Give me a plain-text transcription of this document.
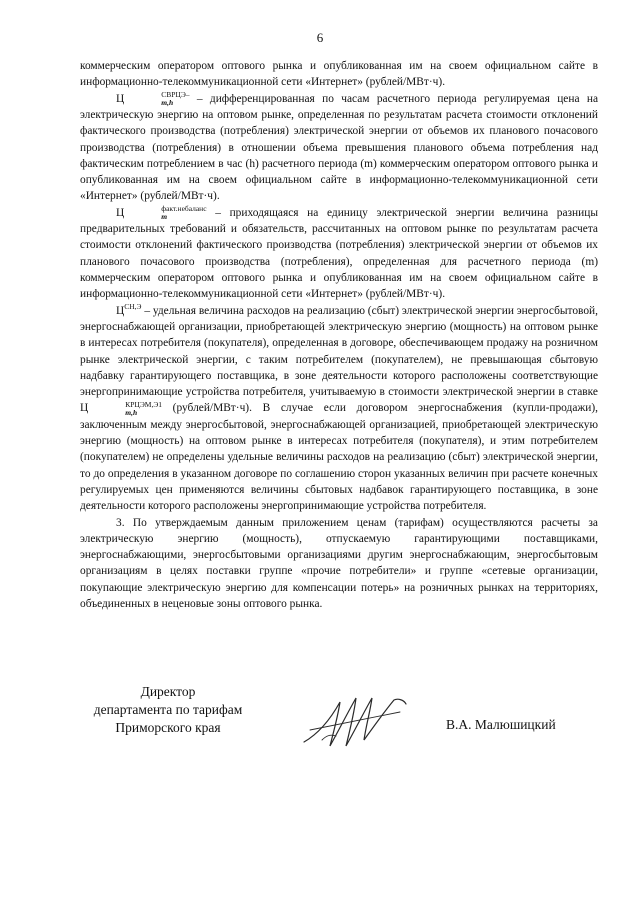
6

коммерческим оператором оптового рынка и опубликованная им на своем официальном сайте в информационно-телекоммуникационной сети «Интернет» (рублей/МВт·ч).

Ц	СВРЦЭ–
m,h	– дифференцированная по часам расчетного периода регулируемая цена на электрическую энергию на оптовом рынке, определенная по результатам расчета стоимости отклонений фактического производства (потребления) электрической энергии от объемов их планового почасового производства (потребления) в отношении объема превышения планового объема потребления над фактическим потреблением в час (h) расчетного периода (m) коммерческим оператором оптового рынка и опубликованная им на своем официальном сайте в информационно-телекоммуникационной сети «Интернет» (рублей/МВт·ч).

Ц	факт.небаланс
m	– приходящаяся на единицу электрической энергии величина разницы предварительных требований и обязательств, рассчитанных на оптовом рынке по результатам расчета стоимости отклонений фактического производства (потребления) электрической энергии от объемов их планового почасового производства (потребления), определенная для расчетного периода (m) коммерческим оператором оптового рынка и опубликованная им на своем официальном сайте в информационно-телекоммуникационной сети «Интернет» (рублей/МВт·ч).

$Ц^{СН,Э}$ – удельная величина расходов на реализацию (сбыт) электрической энергии энергосбытовой, энергоснабжающей организации, приобретающей электрическую энергию (мощность) на оптовом рынке в интересах потребителя (покупателя), определенная в договоре, обеспечивающем продажу на розничном рынке электрической энергии, с таким потребителем (покупателем), не превышающая сбытовую надбавку гарантирующего поставщика, в зоне деятельности которого расположены соответствующие энергопринимающие устройства потребителя, учитываемую в стоимости электрической энергии в ставке Ц	КРЦЭМ,Э1
m,h	(рублей/МВт·ч). В случае если договором энергоснабжения (купли-продажи), заключенным между энергосбытовой, энергоснабжающей организацией, приобретающей электрическую энергию (мощность) на оптовом рынке в интересах потребителя (покупателя), и этим потребителем (покупателем) не определены удельные величины расходов на реализацию (сбыт) электрической энергии, то до определения в указанном договоре по соглашению сторон указанных величин при расчете конечных регулируемых цен применяются величины сбытовых надбавок гарантирующего поставщика, в зоне деятельности которого расположены энергопринимающие устройства потребителя.

3. По утверждаемым данным приложением ценам (тарифам) осуществляются расчеты за электрическую энергию (мощность), отпускаемую гарантирующими поставщиками, энергоснабжающими, энергосбытовыми организациями другим энергоснабжающим, энергосбытовым организациям в целях поставки группе «прочие потребители» и группе «сетевые организации, покупающие электрическую энергию для компенсации потерь» на розничных рынках на территориях, объединенных в неценовые зоны оптового рынка.

Директор
департамента по тарифам
Приморского края	В.А. Малюшицкий
